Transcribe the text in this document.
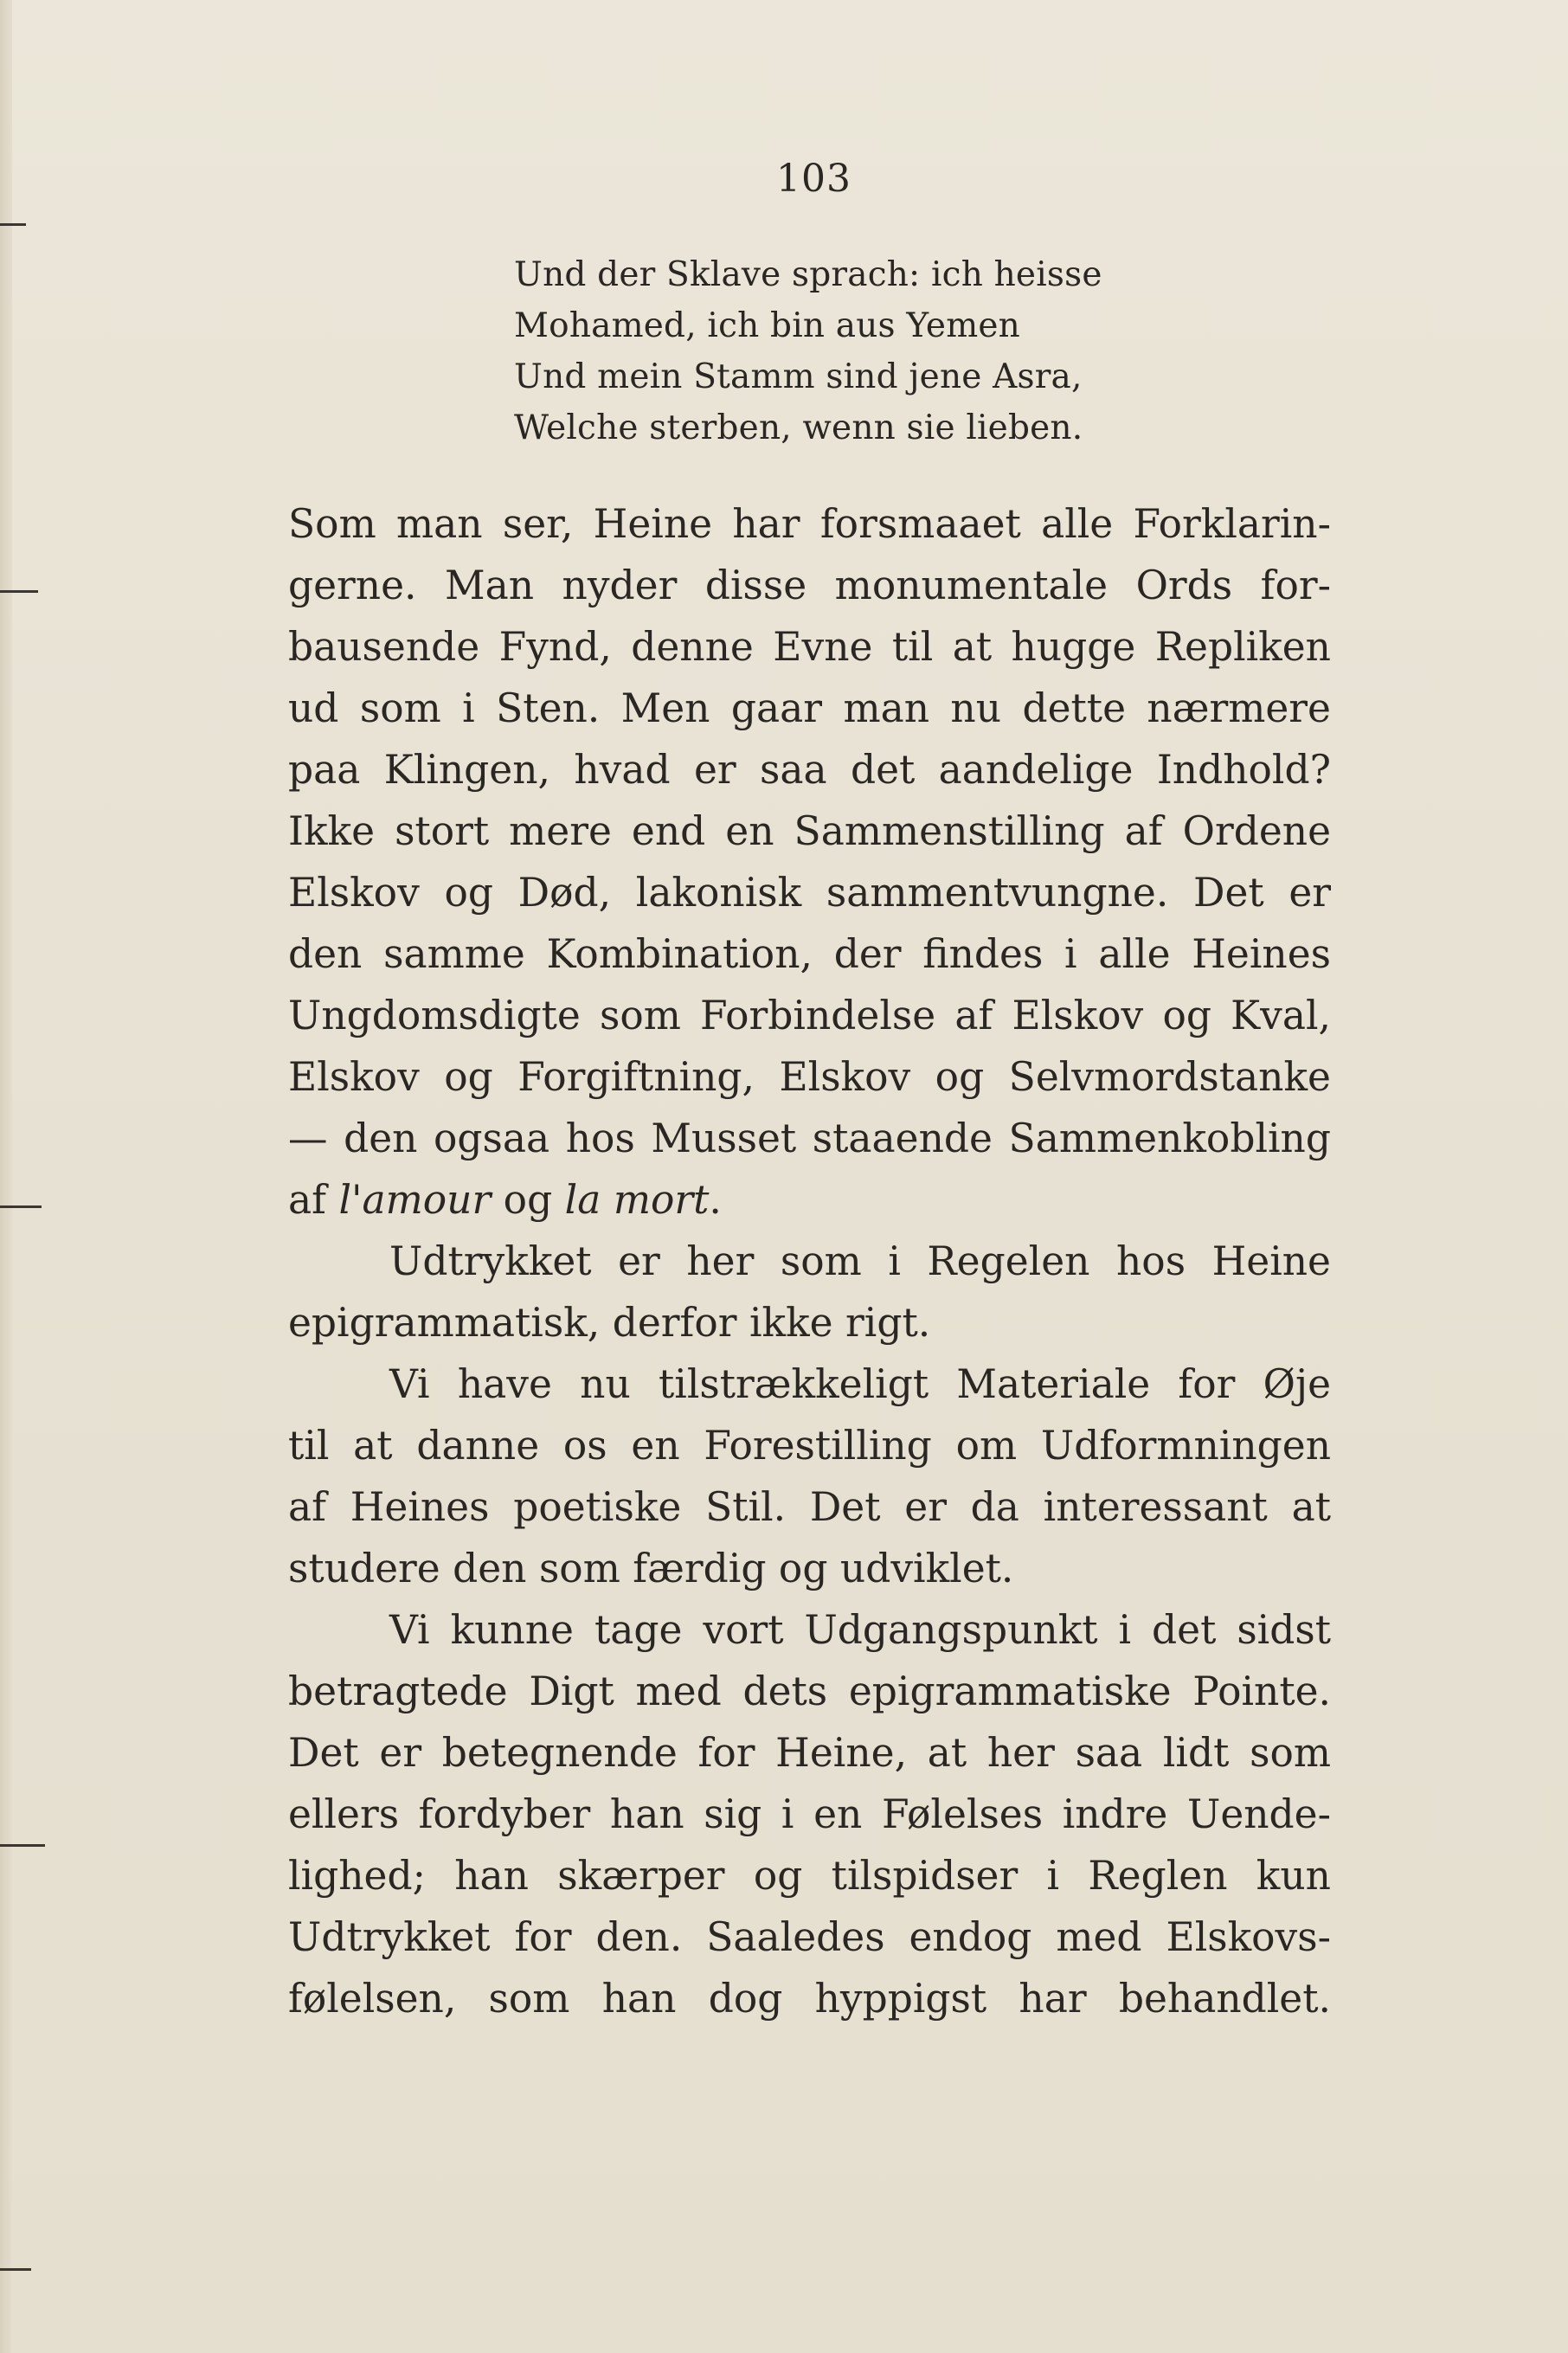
103
Und der Sklave sprach: ich heisse
Mohamed, ich bin aus Yemen
Und mein Stamm sind jene Asra,
Welche sterben, wenn sie lieben.
Som man ser, Heine har forsmaaet alle Forklarin-
gerne. Man nyder disse monumentale Ords for-
bausende Fynd, denne Evne til at hugge Repliken
ud som i Sten. Men gaar man nu dette nærmere
paa Klingen, hvad er saa det aandelige Indhold?
Ikke stort mere end en Sammenstilling af Ordene
Elskov og Død, lakonisk sammentvungne. Det er
den samme Kombination, der findes i alle Heines
Ungdomsdigte som Forbindelse af Elskov og Kval,
Elskov og Forgiftning, Elskov og Selvmordstanke
— den ogsaa hos Musset staaende Sammenkobling
af l'amour og la mort.
Udtrykket er her som i Regelen hos Heine
epigrammatisk, derfor ikke rigt.
Vi have nu tilstrækkeligt Materiale for Øje
til at danne os en Forestilling om Udformningen
af Heines poetiske Stil. Det er da interessant at
studere den som færdig og udviklet.
Vi kunne tage vort Udgangspunkt i det sidst
betragtede Digt med dets epigrammatiske Pointe.
Det er betegnende for Heine, at her saa lidt som
ellers fordyber han sig i en Følelses indre Uende-
lighed; han skærper og tilspidser i Reglen kun
Udtrykket for den. Saaledes endog med Elskovs-
følelsen, som han dog hyppigst har behandlet.
